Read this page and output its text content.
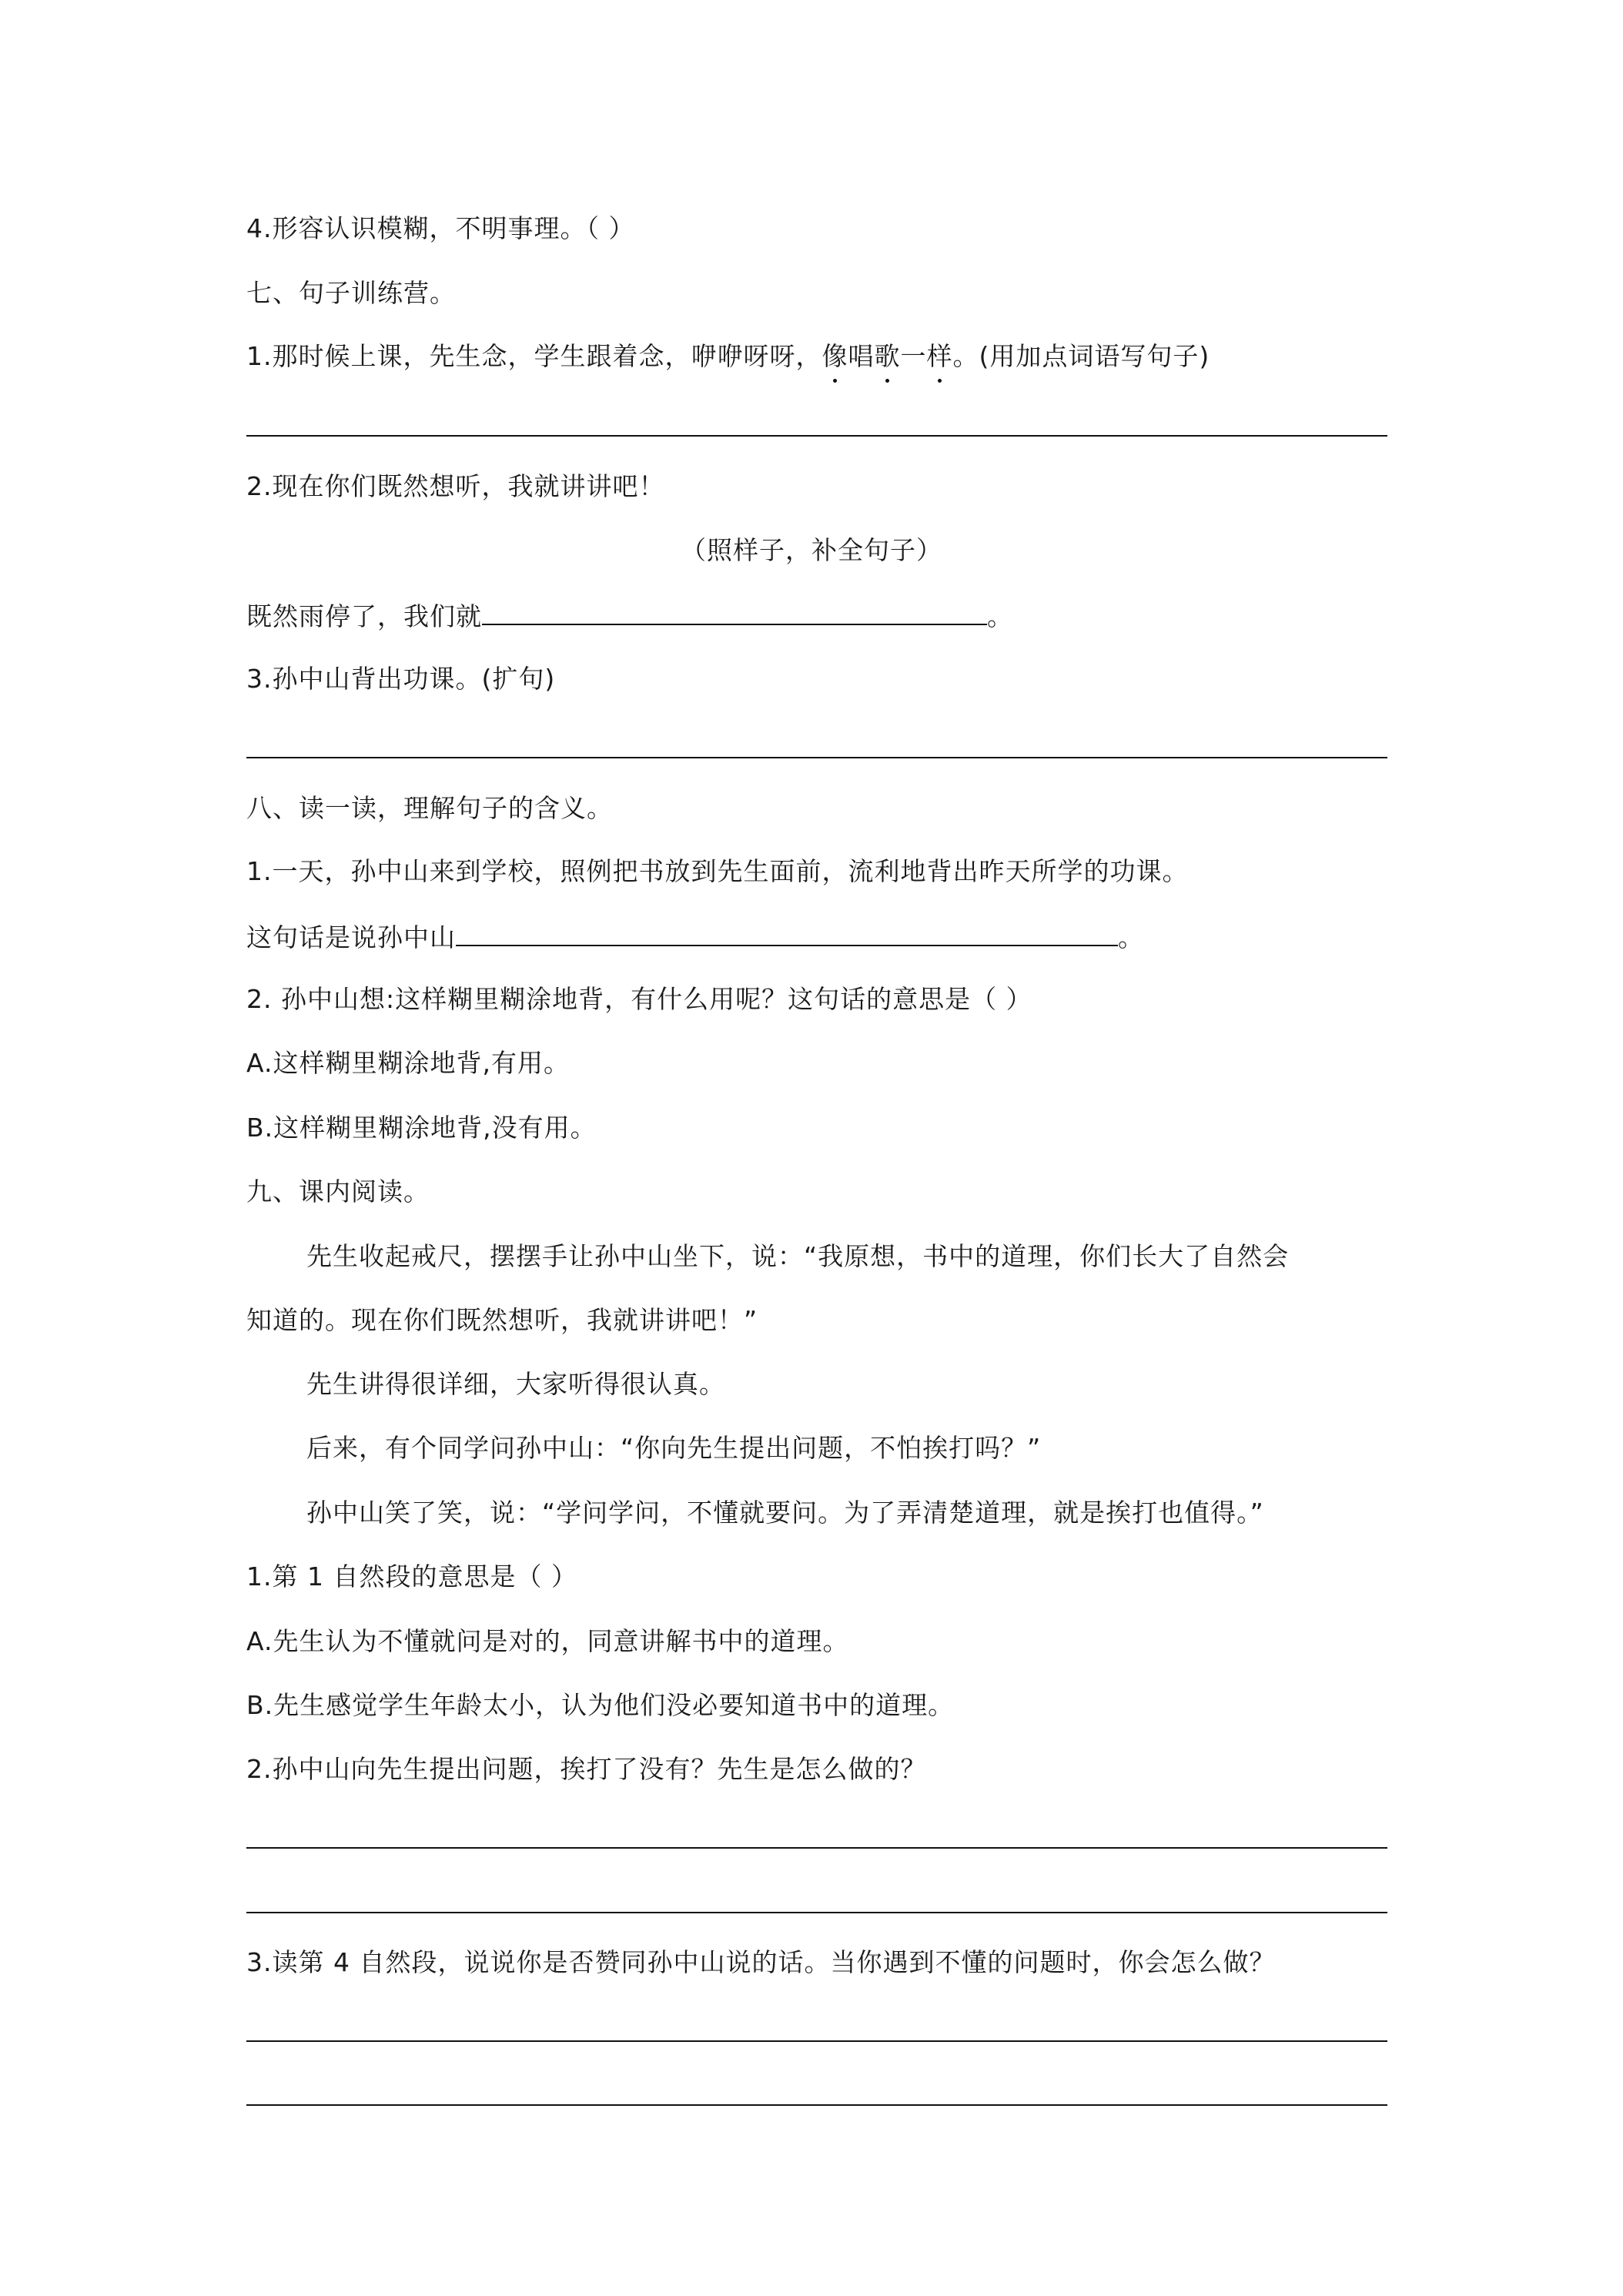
4.形容认识模糊，不明事理。（ ）
七、句子训练营。
1.那时候上课，先生念，学生跟着念，咿咿呀呀，像唱歌一样。(用加点词语写句子)
2.现在你们既然想听，我就讲讲吧！
（照样子，补全句子）
既然雨停了，我们就	。
3.孙中山背出功课。(扩句)
八、读一读，理解句子的含义。
1.一天，孙中山来到学校，照例把书放到先生面前，流利地背出昨天所学的功课。
这句话是说孙中山	。
2. 孙中山想:这样糊里糊涂地背，有什么用呢？这句话的意思是（ ）
A.这样糊里糊涂地背,有用。
B.这样糊里糊涂地背,没有用。
九、课内阅读。
先生收起戒尺，摆摆手让孙中山坐下，说：“我原想，书中的道理，你们长大了自然会
知道的。现在你们既然想听，我就讲讲吧！”
先生讲得很详细，大家听得很认真。
后来，有个同学问孙中山：“你向先生提出问题，不怕挨打吗？”
孙中山笑了笑，说：“学问学问，不懂就要问。为了弄清楚道理，就是挨打也值得。”
1.第 1 自然段的意思是（ ）
A.先生认为不懂就问是对的，同意讲解书中的道理。
B.先生感觉学生年龄太小，认为他们没必要知道书中的道理。
2.孙中山向先生提出问题，挨打了没有？先生是怎么做的？
3.读第 4 自然段，说说你是否赞同孙中山说的话。当你遇到不懂的问题时，你会怎么做？
